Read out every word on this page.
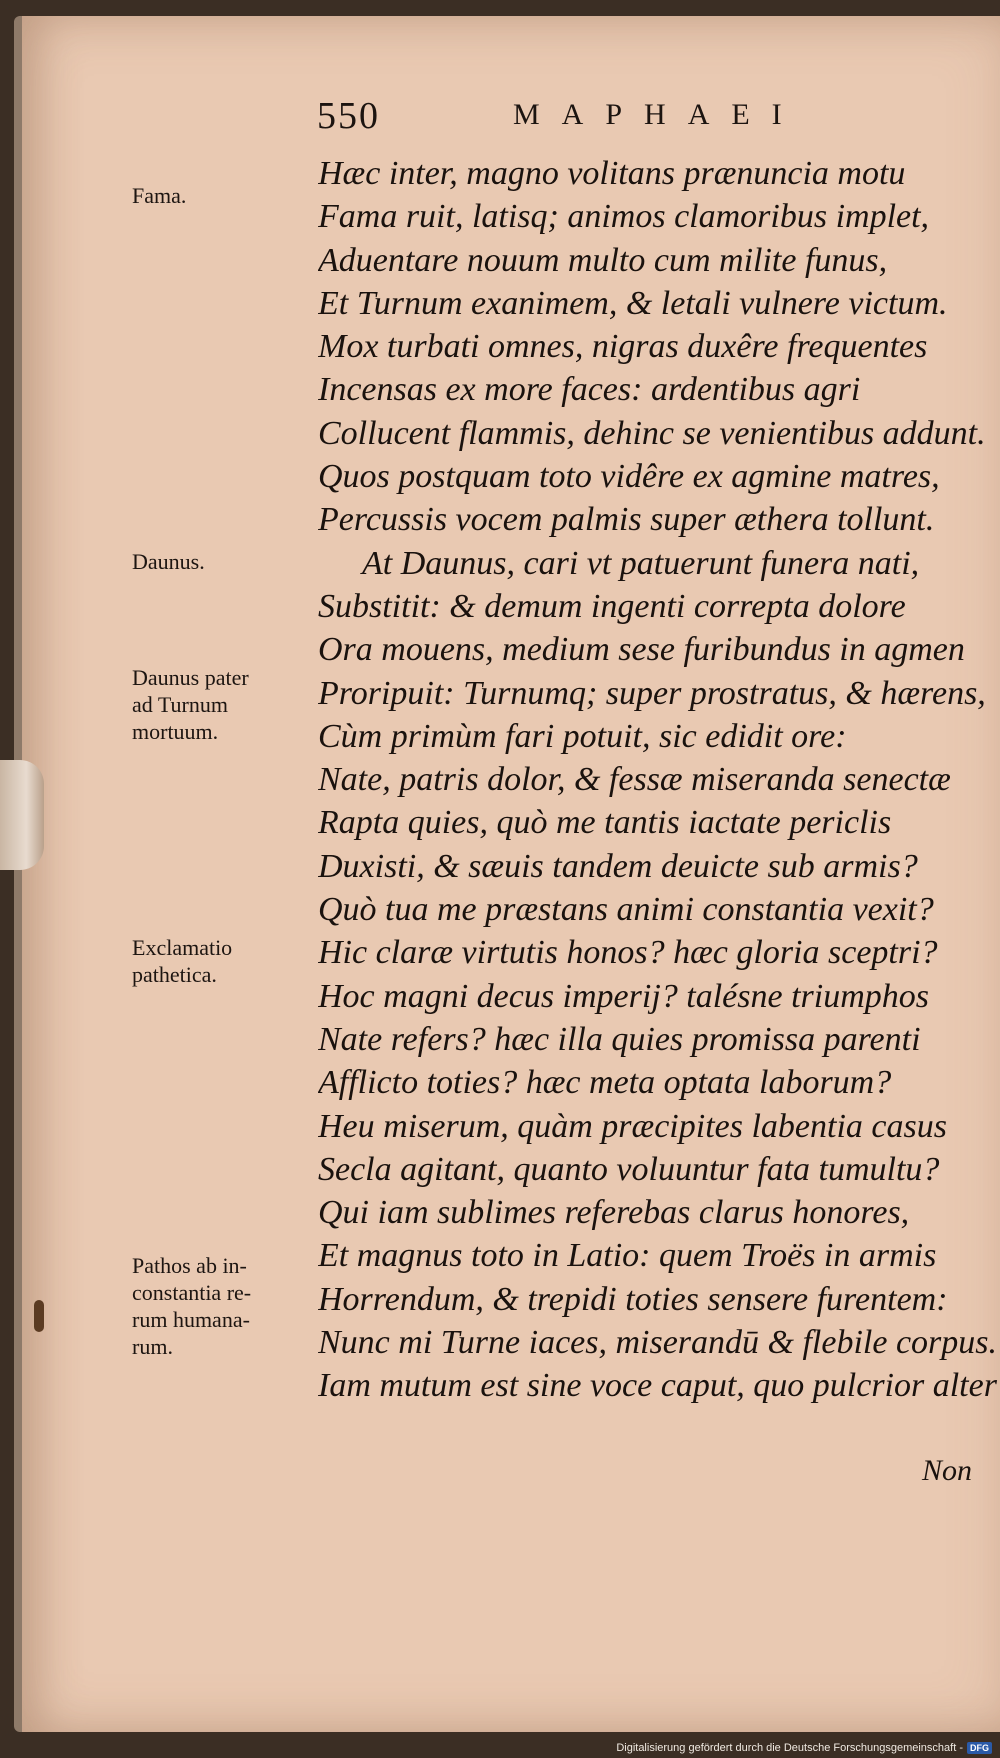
550	MAPHAEI
Fama.
Daunus.
Daunus pater
ad Turnum
mortuum.
Exclamatio
pathetica.
Pathos ab in-
constantia re-
rum humana-
rum.
Hæc inter, magno volitans prænuncia motu
Fama ruit, latisq; animos clamoribus implet,
Aduentare nouum multo cum milite funus,
Et Turnum exanimem, & letali vulnere victum.
Mox turbati omnes, nigras duxêre frequentes
Incensas ex more faces: ardentibus agri
Collucent flammis, dehinc se venientibus addunt.
Quos postquam toto vidêre ex agmine matres,
Percussis vocem palmis super æthera tollunt.
At Daunus, cari vt patuerunt funera nati,
Substitit: & demum ingenti correpta dolore
Ora mouens, medium sese furibundus in agmen
Proripuit: Turnumq; super prostratus, & hærens,
Cùm primùm fari potuit, sic edidit ore:
Nate, patris dolor, & fessæ miseranda senectæ
Rapta quies, quò me tantis iactate periclis
Duxisti, & sæuis tandem deuicte sub armis?
Quò tua me præstans animi constantia vexit?
Hic claræ virtutis honos? hæc gloria sceptri?
Hoc magni decus imperij? talésne triumphos
Nate refers? hæc illa quies promissa parenti
Afflicto toties? hæc meta optata laborum?
Heu miserum, quàm præcipites labentia casus
Secla agitant, quanto voluuntur fata tumultu?
Qui iam sublimes referebas clarus honores,
Et magnus toto in Latio: quem Troës in armis
Horrendum, & trepidi toties sensere furentem:
Nunc mi Turne iaces, miserandū & flebile corpus.
Iam mutum est sine voce caput, quo pulcrior alter
Non
Digitalisierung gefördert durch die Deutsche Forschungsgemeinschaft - DFG
